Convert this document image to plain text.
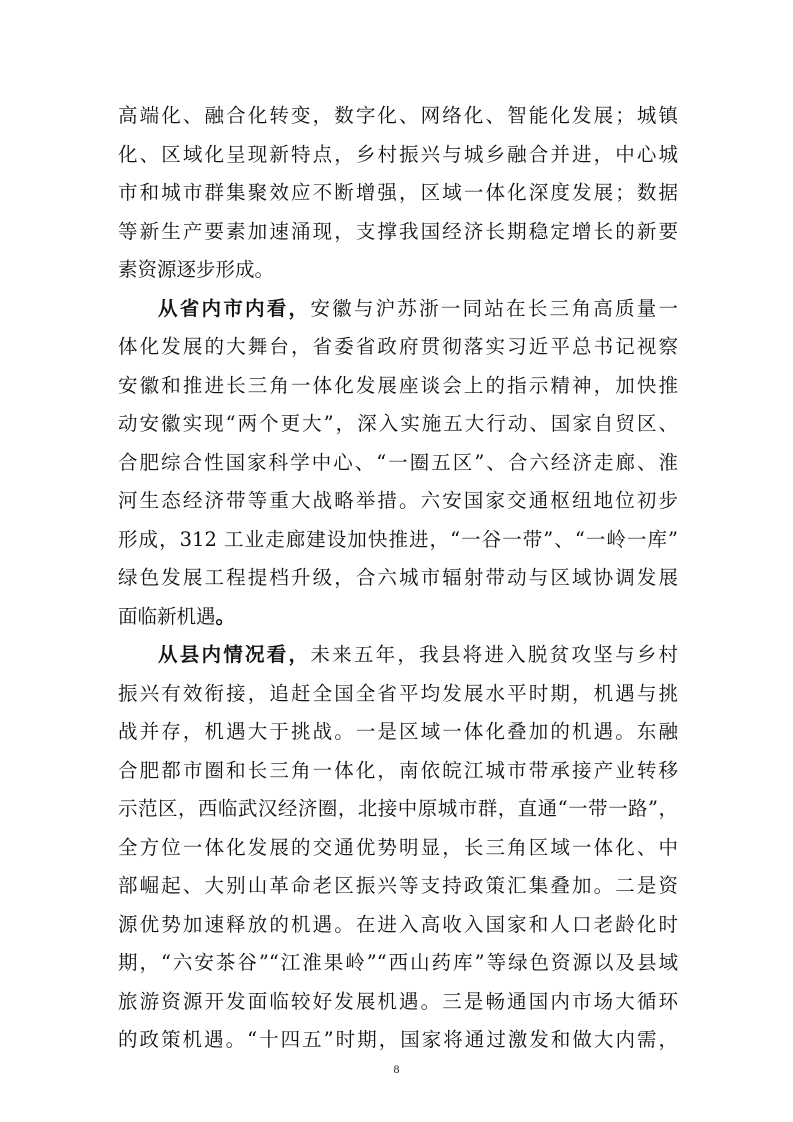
高端化、融合化转变，数字化、网络化、智能化发展；城镇
化、区域化呈现新特点，乡村振兴与城乡融合并进，中心城
市和城市群集聚效应不断增强，区域一体化深度发展；数据
等新生产要素加速涌现，支撑我国经济长期稳定增长的新要
素资源逐步形成。
从省内市内看，安徽与沪苏浙一同站在长三角高质量一
体化发展的大舞台，省委省政府贯彻落实习近平总书记视察
安徽和推进长三角一体化发展座谈会上的指示精神，加快推
动安徽实现“两个更大”，深入实施五大行动、国家自贸区、
合肥综合性国家科学中心、“一圈五区”、合六经济走廊、淮
河生态经济带等重大战略举措。六安国家交通枢纽地位初步
形成，312 工业走廊建设加快推进，“一谷一带”、“一岭一库”
绿色发展工程提档升级，合六城市辐射带动与区域协调发展
面临新机遇。
从县内情况看，未来五年，我县将进入脱贫攻坚与乡村
振兴有效衔接，追赶全国全省平均发展水平时期，机遇与挑
战并存，机遇大于挑战。一是区域一体化叠加的机遇。东融
合肥都市圈和长三角一体化，南依皖江城市带承接产业转移
示范区，西临武汉经济圈，北接中原城市群，直通“一带一路”，
全方位一体化发展的交通优势明显，长三角区域一体化、中
部崛起、大别山革命老区振兴等支持政策汇集叠加。二是资
源优势加速释放的机遇。在进入高收入国家和人口老龄化时
期，“六安茶谷”“江淮果岭”“西山药库”等绿色资源以及县域
旅游资源开发面临较好发展机遇。三是畅通国内市场大循环
的政策机遇。“十四五”时期，国家将通过激发和做大内需，
8
